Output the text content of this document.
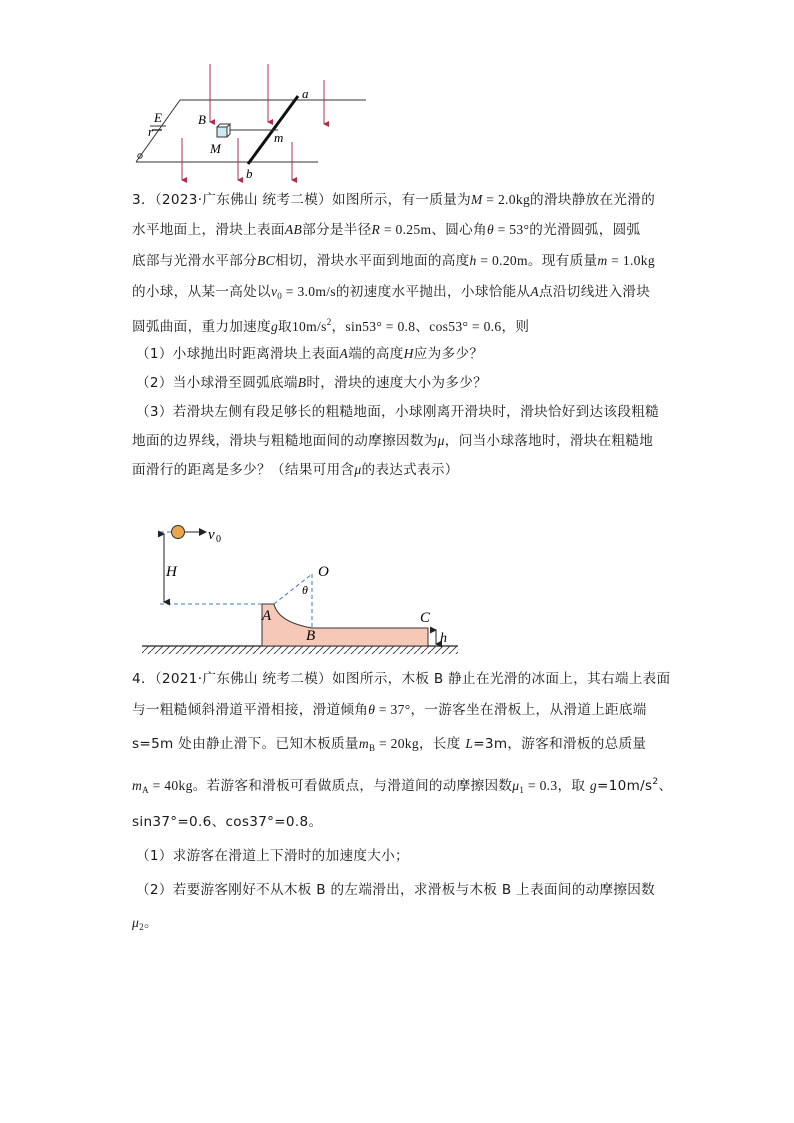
a
b
B
E
r	m
M
3．（2023·广东佛山 统考二模）如图所示，有一质量为M = 2.0kg的滑块静放在光滑的
水平地面上，滑块上表面AB部分是半径R = 0.25m、圆心角θ = 53°的光滑圆弧，圆弧
底部与光滑水平部分BC相切，滑块水平面到地面的高度h = 0.20m。现有质量m = 1.0kg
的小球，从某一高处以$v_0 = 3.0m/s$的初速度水平抛出，小球恰能从A点沿切线进入滑块
圆弧曲面，重力加速度g取$10m/s^2$，sin53° = 0.8、cos53° = 0.6，则
（1）小球抛出时距离滑块上表面A端的高度H应为多少？
（2）当小球滑至圆弧底端B时，滑块的速度大小为多少？
（3）若滑块左侧有段足够长的粗糙地面，小球刚离开滑块时，滑块恰好到达该段粗糙
地面的边界线，滑块与粗糙地面间的动摩擦因数为μ，问当小球落地时，滑块在粗糙地
面滑行的距离是多少？（结果可用含μ的表达式表示）
v 0
H	O
θ
A
B
C
h
4．（2021·广东佛山 统考二模）如图所示，木板 B 静止在光滑的冰面上，其右端上表面
与一粗糙倾斜滑道平滑相接，滑道倾角θ = 37°，一游客坐在滑板上，从滑道上距底端
s=5m 处由静止滑下。已知木板质量$m_B = 20kg$，长度 L=3m，游客和滑板的总质量
$m_A = 40kg$。若游客和滑板可看做质点，与滑道间的动摩擦因数$\mu_1 = 0.3$，取 $g=10m/s^2$、
sin37°=0.6、cos37°=0.8。
（1）求游客在滑道上下滑时的加速度大小；
（2）若要游客刚好不从木板 B 的左端滑出，求滑板与木板 B 上表面间的动摩擦因数
$\mu_2$。
